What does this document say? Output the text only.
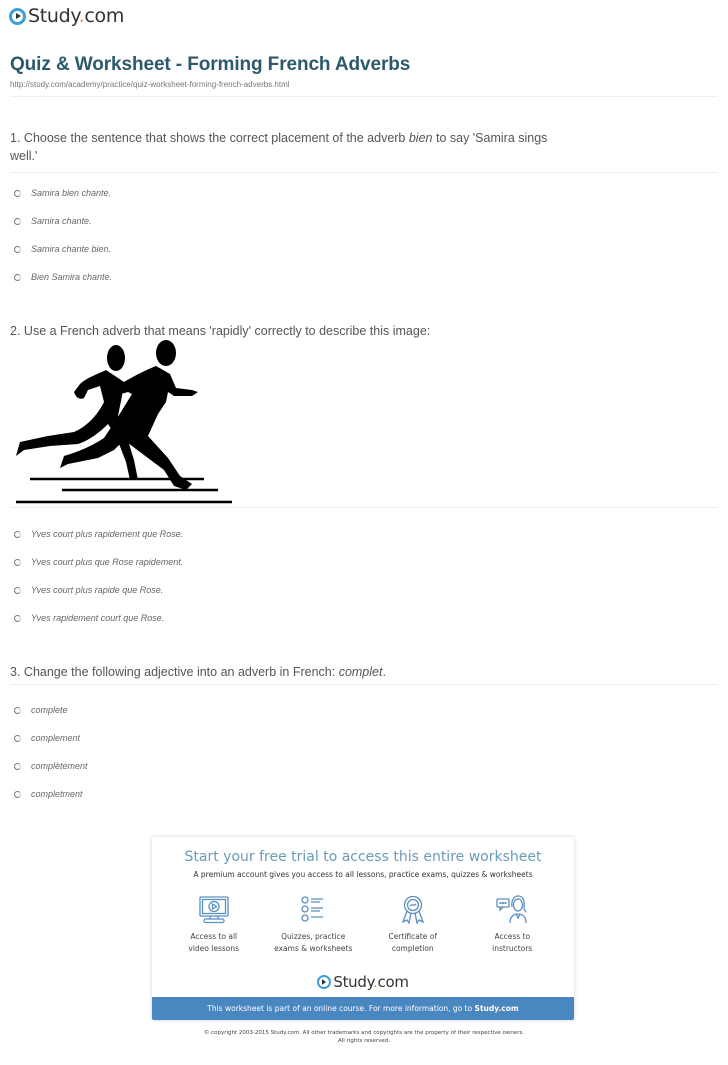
Study.com
Quiz & Worksheet - Forming French Adverbs
http://study.com/academy/practice/quiz-worksheet-forming-french-adverbs.html
1. Choose the sentence that shows the correct placement of the adverb bien to say 'Samira sings well.'
Samira bien chante.
Samira chante.
Samira chante bien.
Bien Samira chante.
2. Use a French adverb that means 'rapidly' correctly to describe this image:
Yves court plus rapidement que Rose.
Yves court plus que Rose rapidement.
Yves court plus rapide que Rose.
Yves rapidement court que Rose.
3. Change the following adjective into an adverb in French: complet.
complete
complement
complètement
completment
Start your free trial to access this entire worksheet
A premium account gives you access to all lessons, practice exams, quizzes & worksheets
Access to all
video lessons
Quizzes, practice
exams & worksheets
Certificate of
completion
Access to
instructors
Study.com
This worksheet is part of an online course. For more information, go to Study.com
© copyright 2003-2015 Study.com. All other trademarks and copyrights are the property of their respective owners.
All rights reserved.
